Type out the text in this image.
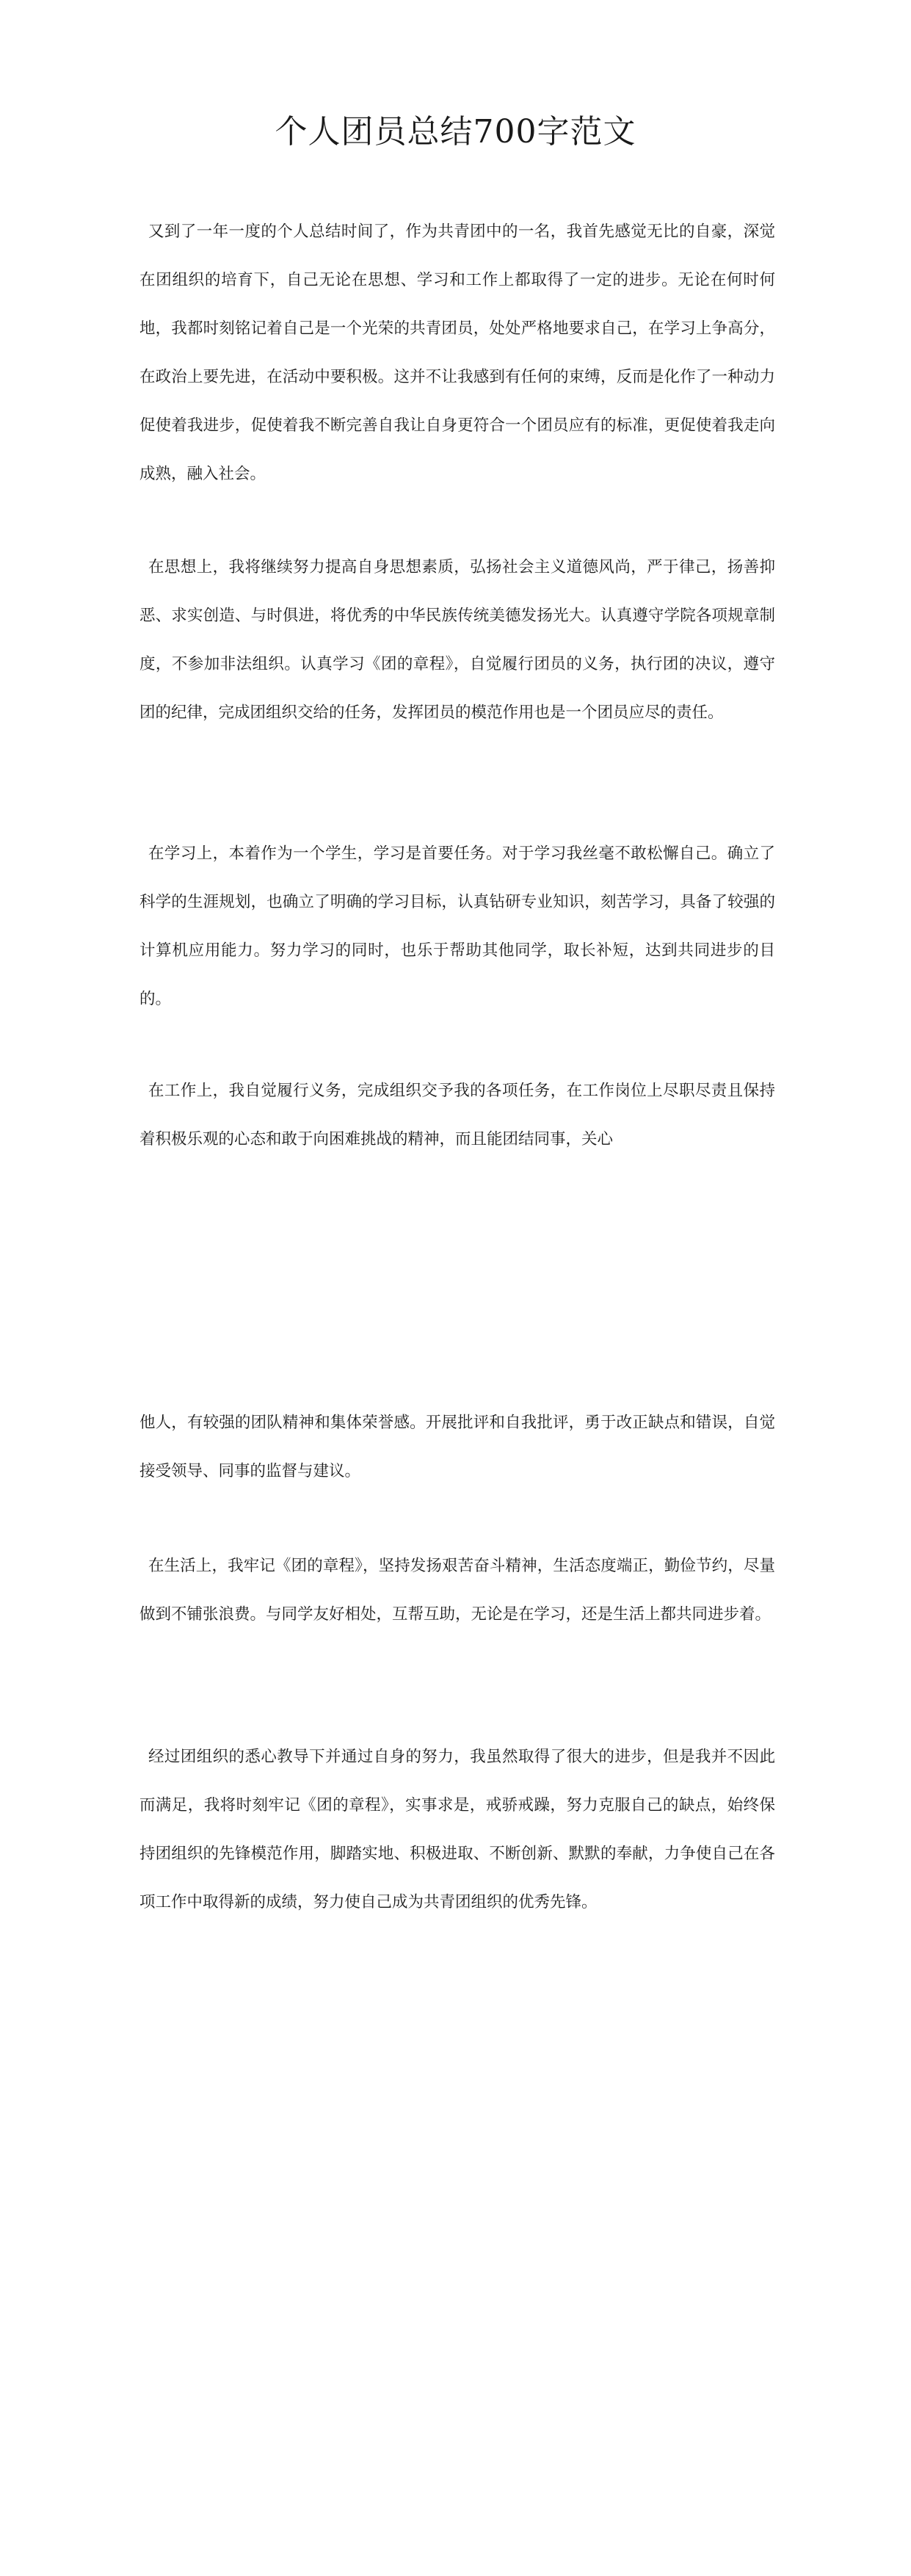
个人团员总结700字范文

又到了一年一度的个人总结时间了，作为共青团中的一名，我首先感觉无比的自豪，深觉在团组织的培育下，自己无论在思想、学习和工作上都取得了一定的进步。无论在何时何地，我都时刻铭记着自己是一个光荣的共青团员，处处严格地要求自己，在学习上争高分，在政治上要先进，在活动中要积极。这并不让我感到有任何的束缚，反而是化作了一种动力促使着我进步，促使着我不断完善自我让自身更符合一个团员应有的标准，更促使着我走向成熟，融入社会。

在思想上，我将继续努力提高自身思想素质，弘扬社会主义道德风尚，严于律己，扬善抑恶、求实创造、与时俱进，将优秀的中华民族传统美德发扬光大。认真遵守学院各项规章制度，不参加非法组织。认真学习《团的章程》，自觉履行团员的义务，执行团的决议，遵守团的纪律，完成团组织交给的任务，发挥团员的模范作用也是一个团员应尽的责任。

在学习上，本着作为一个学生，学习是首要任务。对于学习我丝毫不敢松懈自己。确立了科学的生涯规划，也确立了明确的学习目标，认真钻研专业知识，刻苦学习，具备了较强的计算机应用能力。努力学习的同时，也乐于帮助其他同学，取长补短，达到共同进步的目的。

在工作上，我自觉履行义务，完成组织交予我的各项任务，在工作岗位上尽职尽责且保持着积极乐观的心态和敢于向困难挑战的精神，而且能团结同事，关心

他人，有较强的团队精神和集体荣誉感。开展批评和自我批评，勇于改正缺点和错误，自觉接受领导、同事的监督与建议。

在生活上，我牢记《团的章程》，坚持发扬艰苦奋斗精神，生活态度端正，勤俭节约，尽量做到不铺张浪费。与同学友好相处，互帮互助，无论是在学习，还是生活上都共同进步着。

经过团组织的悉心教导下并通过自身的努力，我虽然取得了很大的进步，但是我并不因此而满足，我将时刻牢记《团的章程》，实事求是，戒骄戒躁，努力克服自己的缺点，始终保持团组织的先锋模范作用，脚踏实地、积极进取、不断创新、默默的奉献，力争使自己在各项工作中取得新的成绩，努力使自己成为共青团组织的优秀先锋。
